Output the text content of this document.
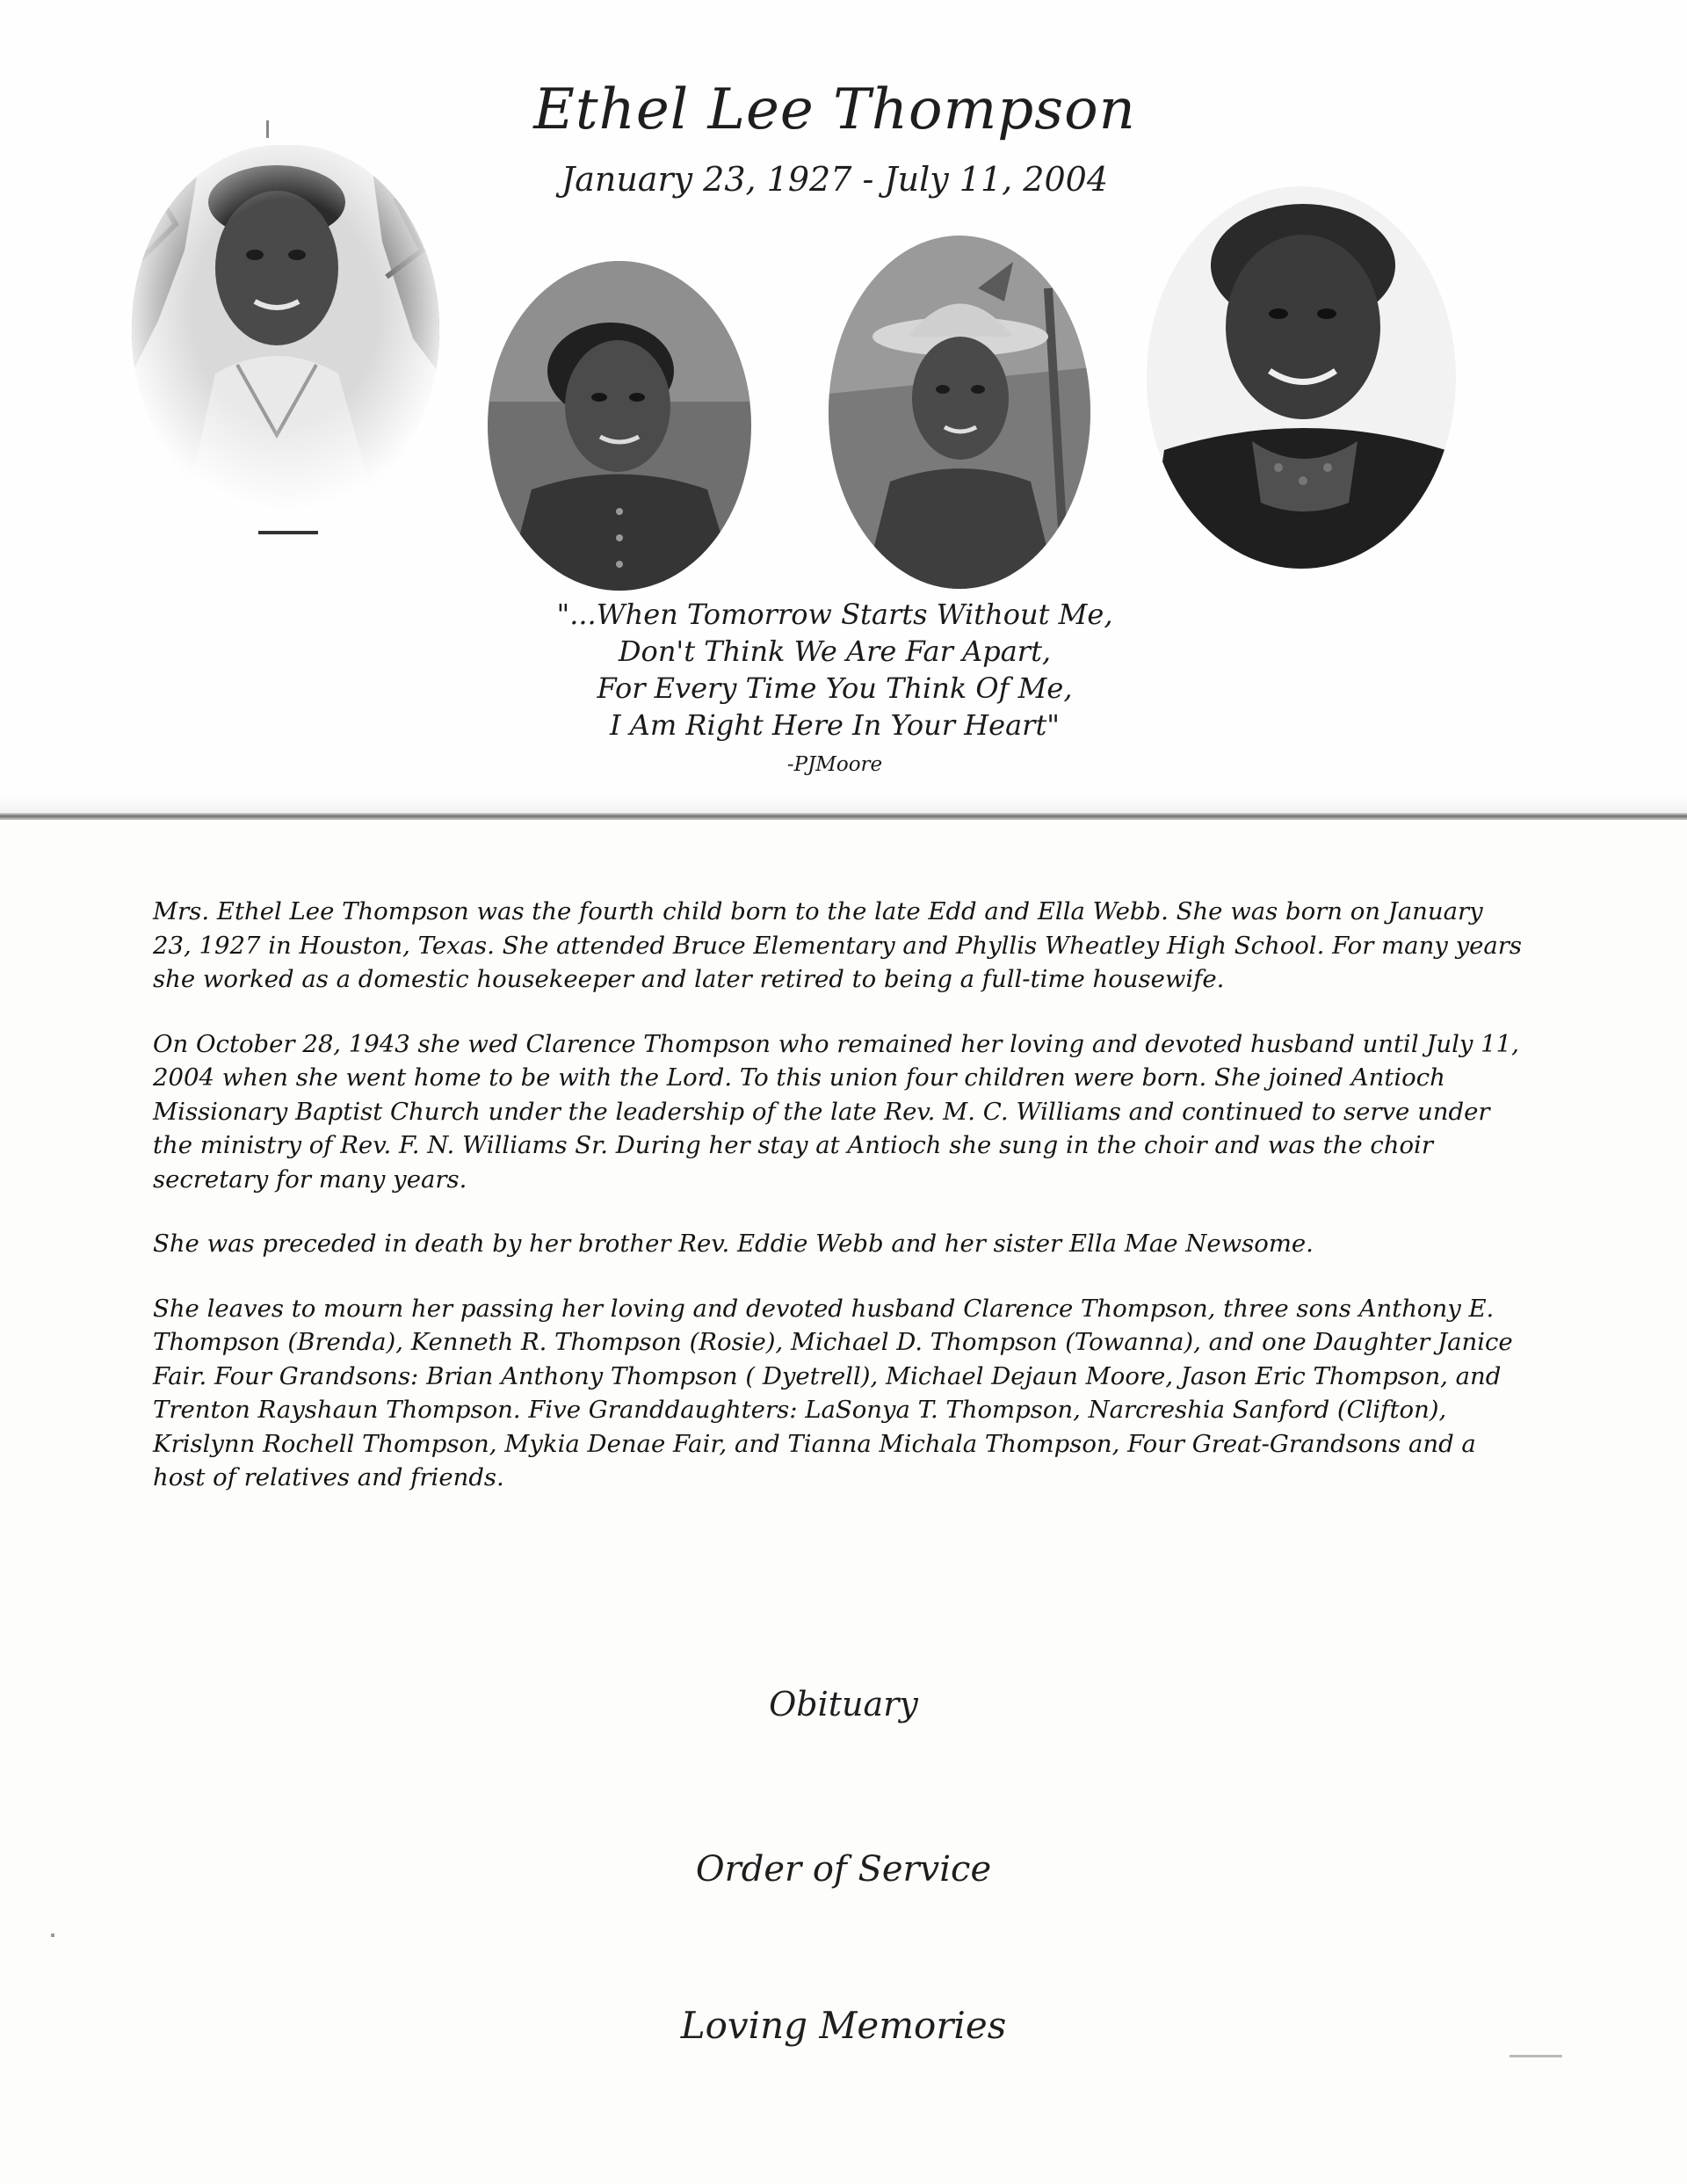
Ethel Lee Thompson
January 23, 1927 - July 11, 2004
"...When Tomorrow Starts Without Me,
Don't Think We Are Far Apart,
For Every Time You Think Of Me,
I Am Right Here In Your Heart"
-PJMoore

Mrs. Ethel Lee Thompson was the fourth child born to the late Edd and Ella Webb. She was born on January 23, 1927 in Houston, Texas. She attended Bruce Elementary and Phyllis Wheatley High School. For many years she worked as a domestic housekeeper and later retired to being a full-time housewife.

On October 28, 1943 she wed Clarence Thompson who remained her loving and devoted husband until July 11, 2004 when she went home to be with the Lord. To this union four children were born. She joined Antioch Missionary Baptist Church under the leadership of the late Rev. M. C. Williams and continued to serve under the ministry of Rev. F. N. Williams Sr. During her stay at Antioch she sung in the choir and was the choir secretary for many years.

She was preceded in death by her brother Rev. Eddie Webb and her sister Ella Mae Newsome.

She leaves to mourn her passing her loving and devoted husband Clarence Thompson, three sons Anthony E. Thompson (Brenda), Kenneth R. Thompson (Rosie), Michael D. Thompson (Towanna), and one Daughter Janice Fair. Four Grandsons: Brian Anthony Thompson ( Dyetrell), Michael Dejaun Moore, Jason Eric Thompson, and Trenton Rayshaun Thompson. Five Granddaughters: LaSonya T. Thompson, Narcreshia Sanford (Clifton), Krislynn Rochell Thompson, Mykia Denae Fair, and Tianna Michala Thompson, Four Great-Grandsons and a host of relatives and friends.

Obituary
Order of Service
Loving Memories
